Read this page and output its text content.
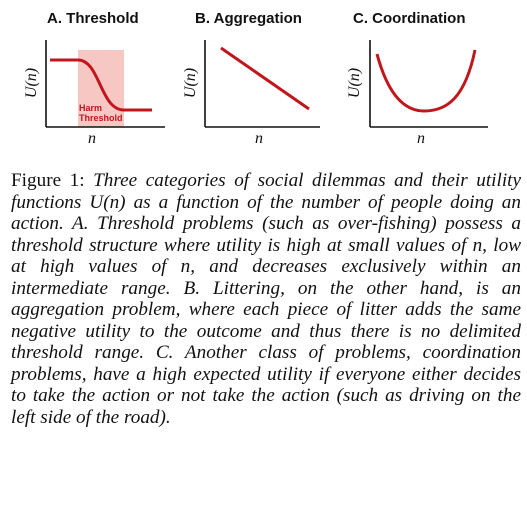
A. Threshold
U(n)
n
Harm
Threshold
B. Aggregation
U(n)
n
C. Coordination
U(n)
n
Figure 1: Three categories of social dilemmas and their utility functions U(n) as a function of the number of people doing an action. A. Threshold problems (such as over-fishing) possess a threshold structure where utility is high at small values of n, low at high values of n, and decreases exclusively within an intermediate range. B. Littering, on the other hand, is an aggregation problem, where each piece of litter adds the same negative utility to the outcome and thus there is no delimited threshold range. C. Another class of problems, coordination problems, have a high expected utility if everyone either decides to take the action or not take the action (such as driving on the left side of the road).
